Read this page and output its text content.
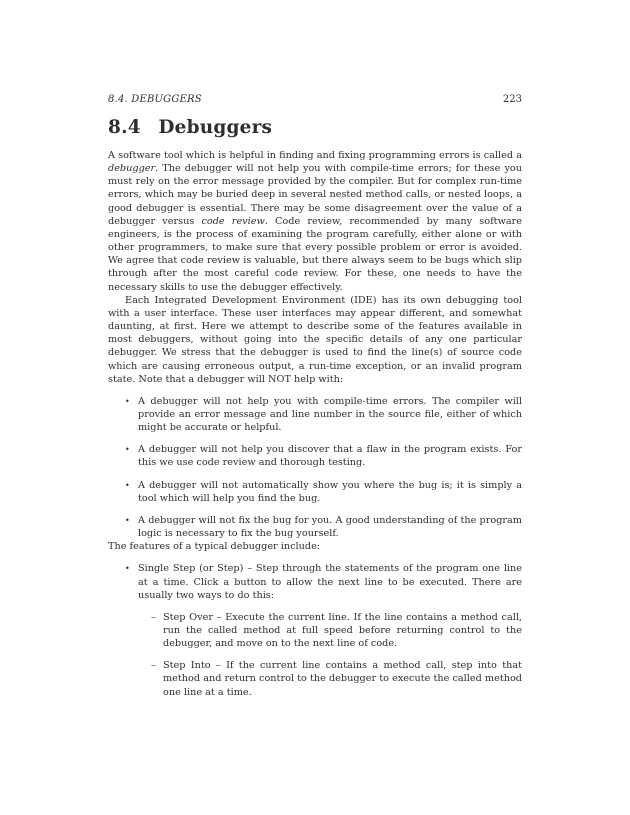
8.4. DEBUGGERS	223
8.4 Debuggers

A software tool which is helpful in finding and fixing programming errors is called a debugger. The debugger will not help you with compile-time errors; for these you must rely on the error message provided by the compiler. But for complex run-time errors, which may be buried deep in several nested method calls, or nested loops, a good debugger is essential. There may be some disagreement over the value of a debugger versus code review. Code review, recommended by many software engineers, is the process of examining the program carefully, either alone or with other programmers, to make sure that every possible problem or error is avoided. We agree that code review is valuable, but there always seem to be bugs which slip through after the most careful code review. For these, one needs to have the necessary skills to use the debugger effectively.

Each Integrated Development Environment (IDE) has its own debugging tool with a user interface. These user interfaces may appear different, and somewhat daunting, at first. Here we attempt to describe some of the features available in most debuggers, without going into the specific details of any one particular debugger. We stress that the debugger is used to find the line(s) of source code which are causing erroneous output, a run-time exception, or an invalid program state. Note that a debugger will NOT help with:

• A debugger will not help you with compile-time errors. The compiler will provide an error message and line number in the source file, either of which might be accurate or helpful.
• A debugger will not help you discover that a flaw in the program exists. For this we use code review and thorough testing.
• A debugger will not automatically show you where the bug is; it is simply a tool which will help you find the bug.
• A debugger will not fix the bug for you. A good understanding of the program logic is necessary to fix the bug yourself.

The features of a typical debugger include:

• Single Step (or Step) – Step through the statements of the program one line at a time. Click a button to allow the next line to be executed. There are usually two ways to do this:
– Step Over – Execute the current line. If the line contains a method call, run the called method at full speed before returning control to the debugger, and move on to the next line of code.
– Step Into – If the current line contains a method call, step into that method and return control to the debugger to execute the called method one line at a time.
